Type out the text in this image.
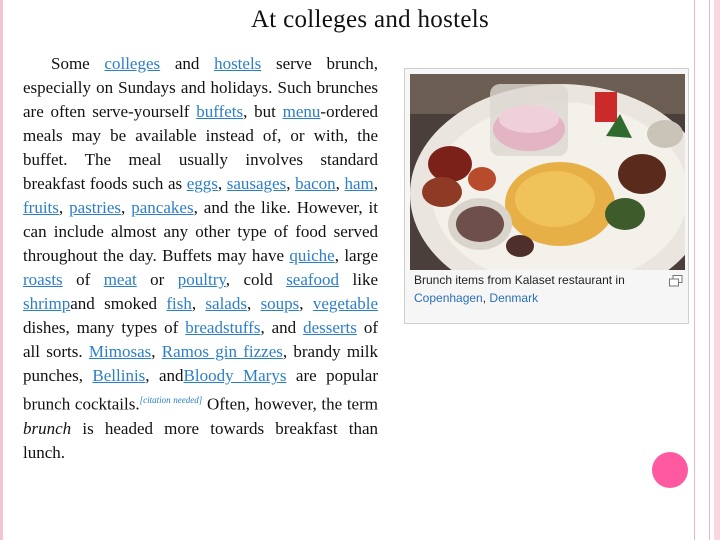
At colleges and hostels

Some colleges and hostels serve brunch, especially on Sundays and holidays. Such brunches are often serve-yourself buffets, but menu-ordered meals may be available instead of, or with, the buffet. The meal usually involves standard breakfast foods such as eggs, sausages, bacon, ham, fruits, pastries, pancakes, and the like. However, it can include almost any other type of food served throughout the day. Buffets may have quiche, large roasts of meat or poultry, cold seafood like shrimpand smoked fish, salads, soups, vegetable dishes, many types of breadstuffs, and desserts of all sorts. Mimosas, Ramos gin fizzes, brandy milk punches, Bellinis, andBloody Marys are popular brunch cocktails.[citation needed] Often, however, the term brunch is headed more towards breakfast than lunch.

Brunch items from Kalaset restaurant in Copenhagen, Denmark
